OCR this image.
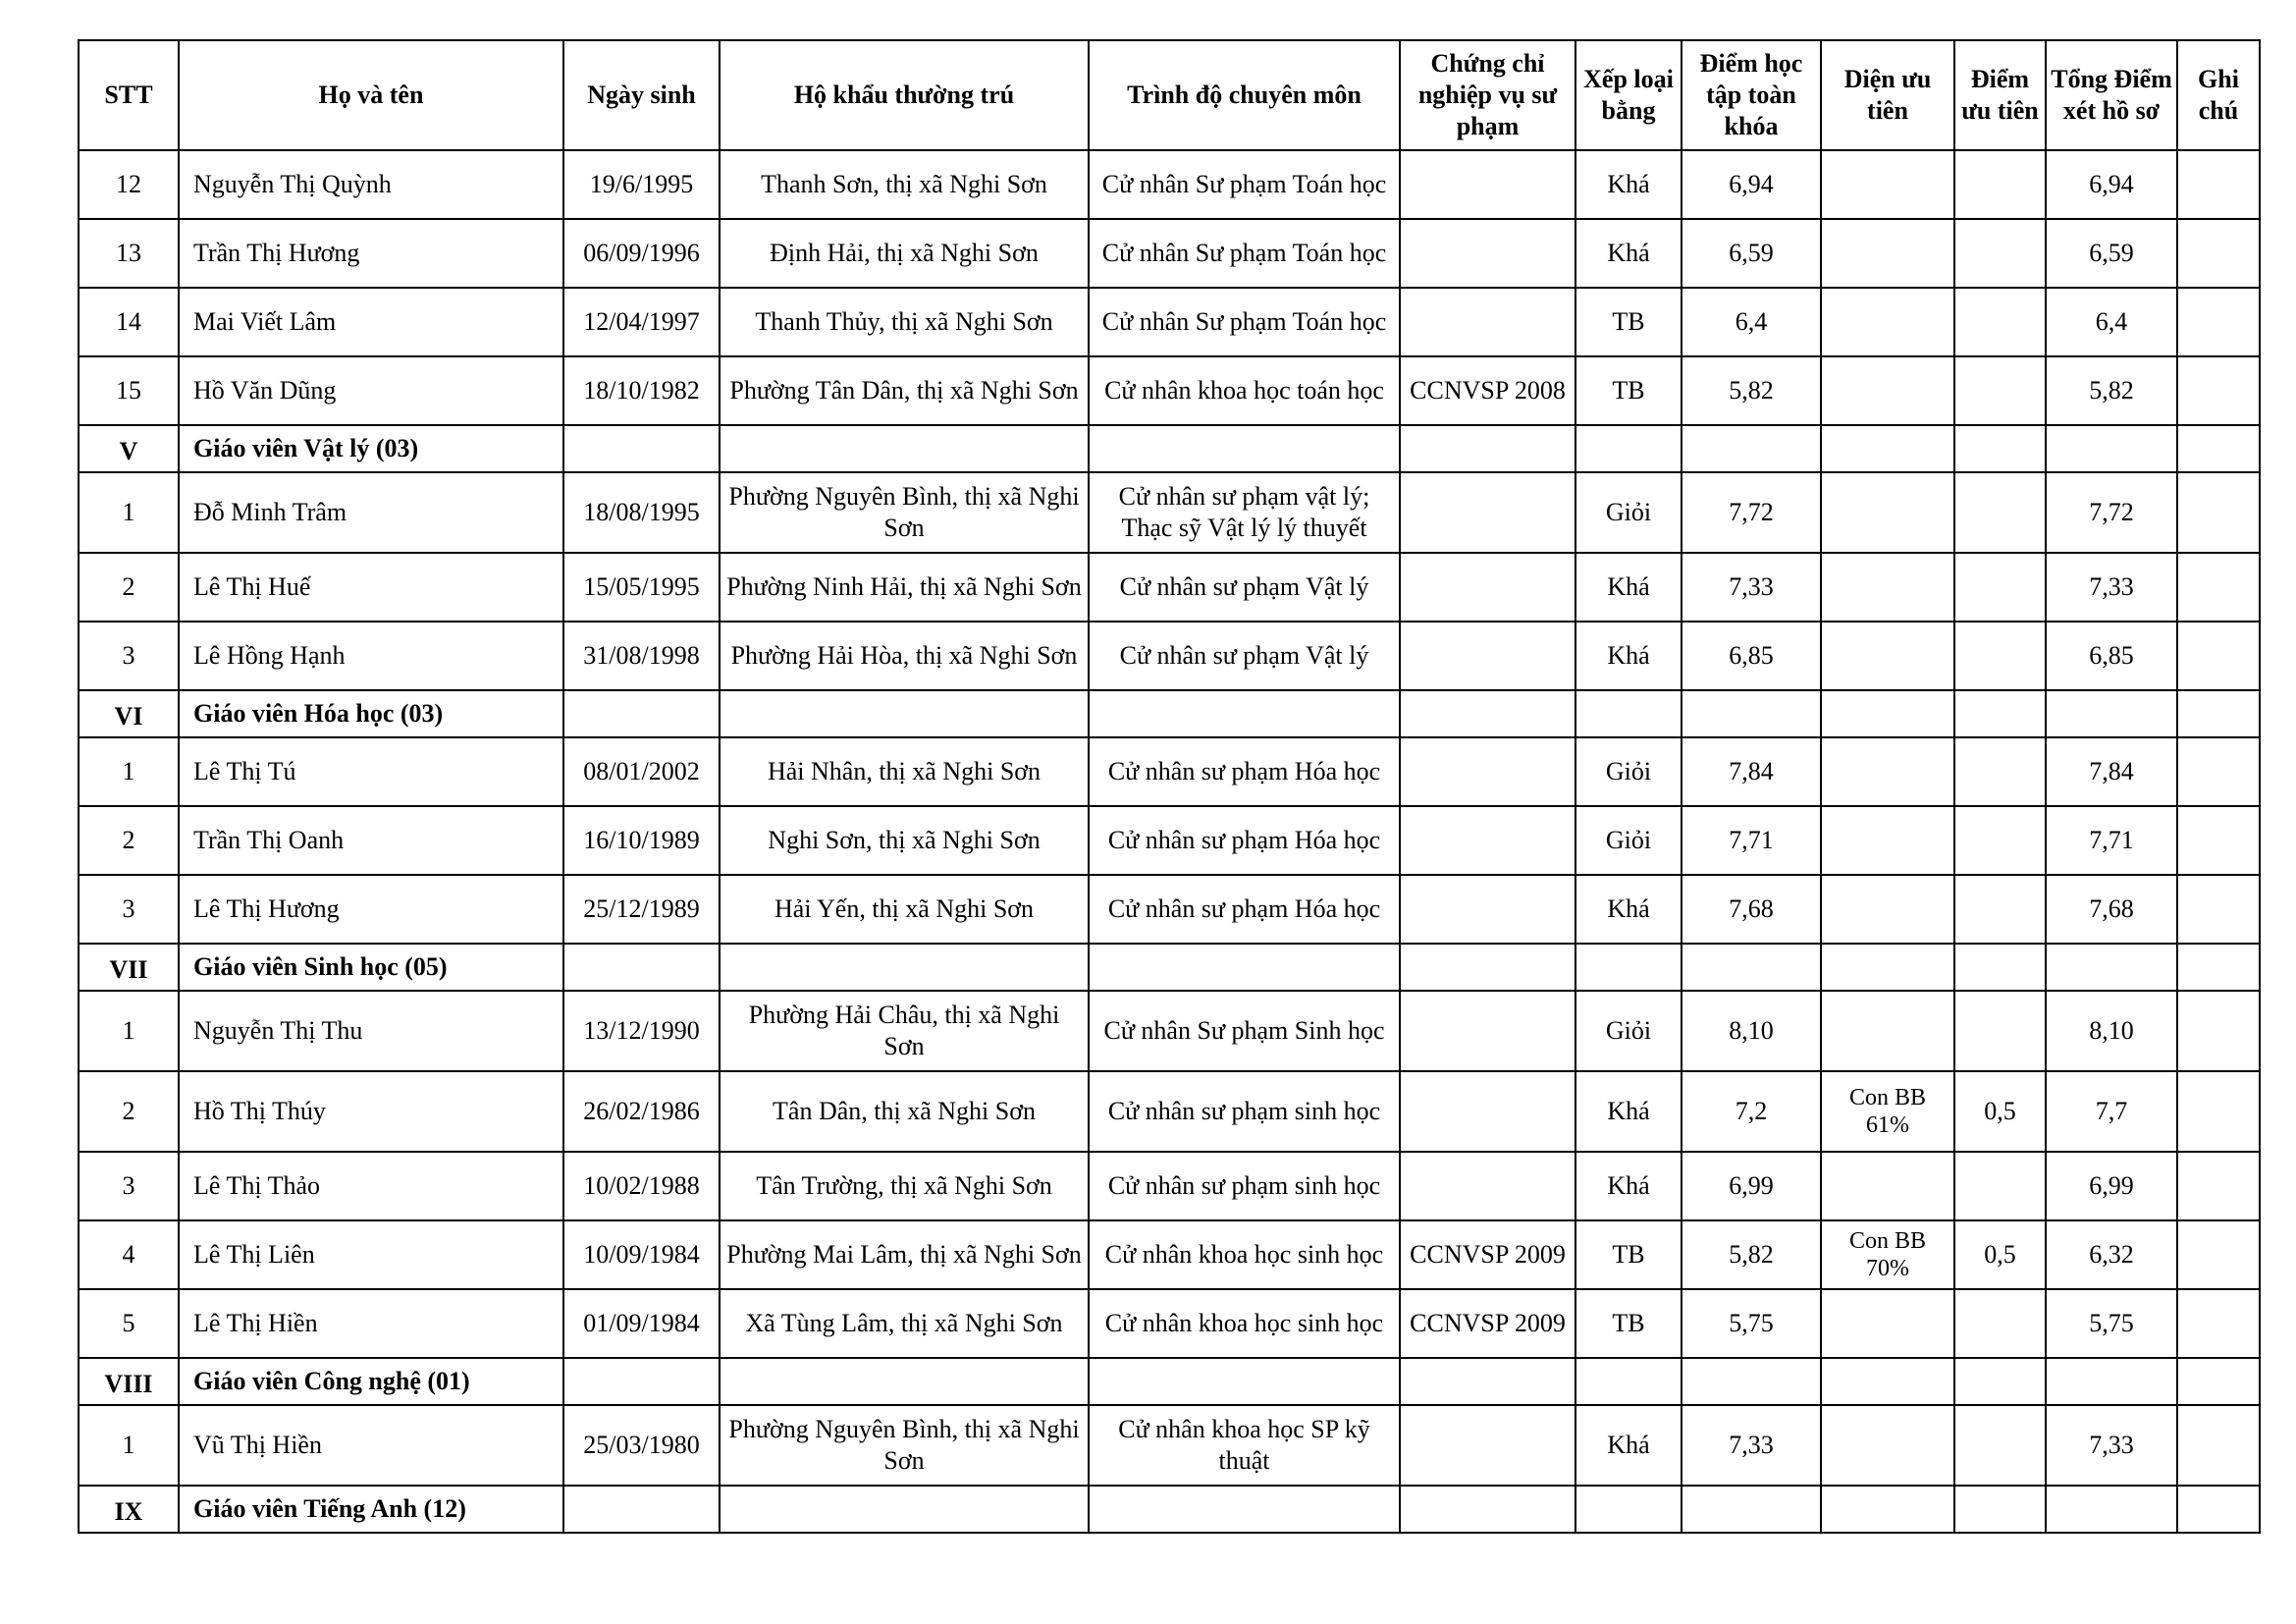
STT	Họ và tên	Ngày sinh	Hộ khẩu thường trú	Trình độ chuyên môn	Chứng chỉ nghiệp vụ sư phạm	Xếp loại bằng	Điểm học tập toàn khóa	Diện ưu tiên	Điểm ưu tiên	Tổng Điểm xét hồ sơ	Ghi chú
12	Nguyễn Thị Quỳnh	19/6/1995	Thanh Sơn, thị xã Nghi Sơn	Cử nhân Sư phạm Toán học		Khá	6,94			6,94	
13	Trần Thị Hương	06/09/1996	Định Hải, thị xã Nghi Sơn	Cử nhân Sư phạm Toán học		Khá	6,59			6,59	
14	Mai Viết Lâm	12/04/1997	Thanh Thủy, thị xã Nghi Sơn	Cử nhân Sư phạm Toán học		TB	6,4			6,4	
15	Hồ Văn Dũng	18/10/1982	Phường Tân Dân, thị xã Nghi Sơn	Cử nhân khoa học toán học	CCNVSP 2008	TB	5,82			5,82	
V	Giáo viên Vật lý (03)										
1	Đỗ Minh Trâm	18/08/1995	Phường Nguyên Bình, thị xã Nghi Sơn	Cử nhân sư phạm vật lý; Thạc sỹ Vật lý lý thuyết		Giỏi	7,72			7,72	
2	Lê Thị Huế	15/05/1995	Phường Ninh Hải, thị xã Nghi Sơn	Cử nhân sư phạm Vật lý		Khá	7,33			7,33	
3	Lê Hồng Hạnh	31/08/1998	Phường Hải Hòa, thị xã Nghi Sơn	Cử nhân sư phạm Vật lý		Khá	6,85			6,85	
VI	Giáo viên Hóa học (03)										
1	Lê Thị Tú	08/01/2002	Hải Nhân, thị xã Nghi Sơn	Cử nhân sư phạm Hóa học		Giỏi	7,84			7,84	
2	Trần Thị Oanh	16/10/1989	Nghi Sơn, thị xã Nghi Sơn	Cử nhân sư phạm Hóa học		Giỏi	7,71			7,71	
3	Lê Thị Hương	25/12/1989	Hải Yến, thị xã Nghi Sơn	Cử nhân sư phạm Hóa học		Khá	7,68			7,68	
VII	Giáo viên Sinh học (05)										
1	Nguyễn Thị Thu	13/12/1990	Phường Hải Châu, thị xã Nghi Sơn	Cử nhân Sư phạm Sinh học		Giỏi	8,10			8,10	
2	Hồ Thị Thúy	26/02/1986	Tân Dân, thị xã Nghi Sơn	Cử nhân sư phạm sinh học		Khá	7,2	Con BB 61%	0,5	7,7	
3	Lê Thị Thảo	10/02/1988	Tân Trường, thị xã Nghi Sơn	Cử nhân sư phạm sinh học		Khá	6,99			6,99	
4	Lê Thị Liên	10/09/1984	Phường Mai Lâm, thị xã Nghi Sơn	Cử nhân khoa học sinh học	CCNVSP 2009	TB	5,82	Con BB 70%	0,5	6,32	
5	Lê Thị Hiền	01/09/1984	Xã Tùng Lâm, thị xã Nghi Sơn	Cử nhân khoa học sinh học	CCNVSP 2009	TB	5,75			5,75	
VIII	Giáo viên Công nghệ (01)										
1	Vũ Thị Hiền	25/03/1980	Phường Nguyên Bình, thị xã Nghi Sơn	Cử nhân khoa học SP kỹ thuật		Khá	7,33			7,33	
IX	Giáo viên Tiếng Anh (12)										
